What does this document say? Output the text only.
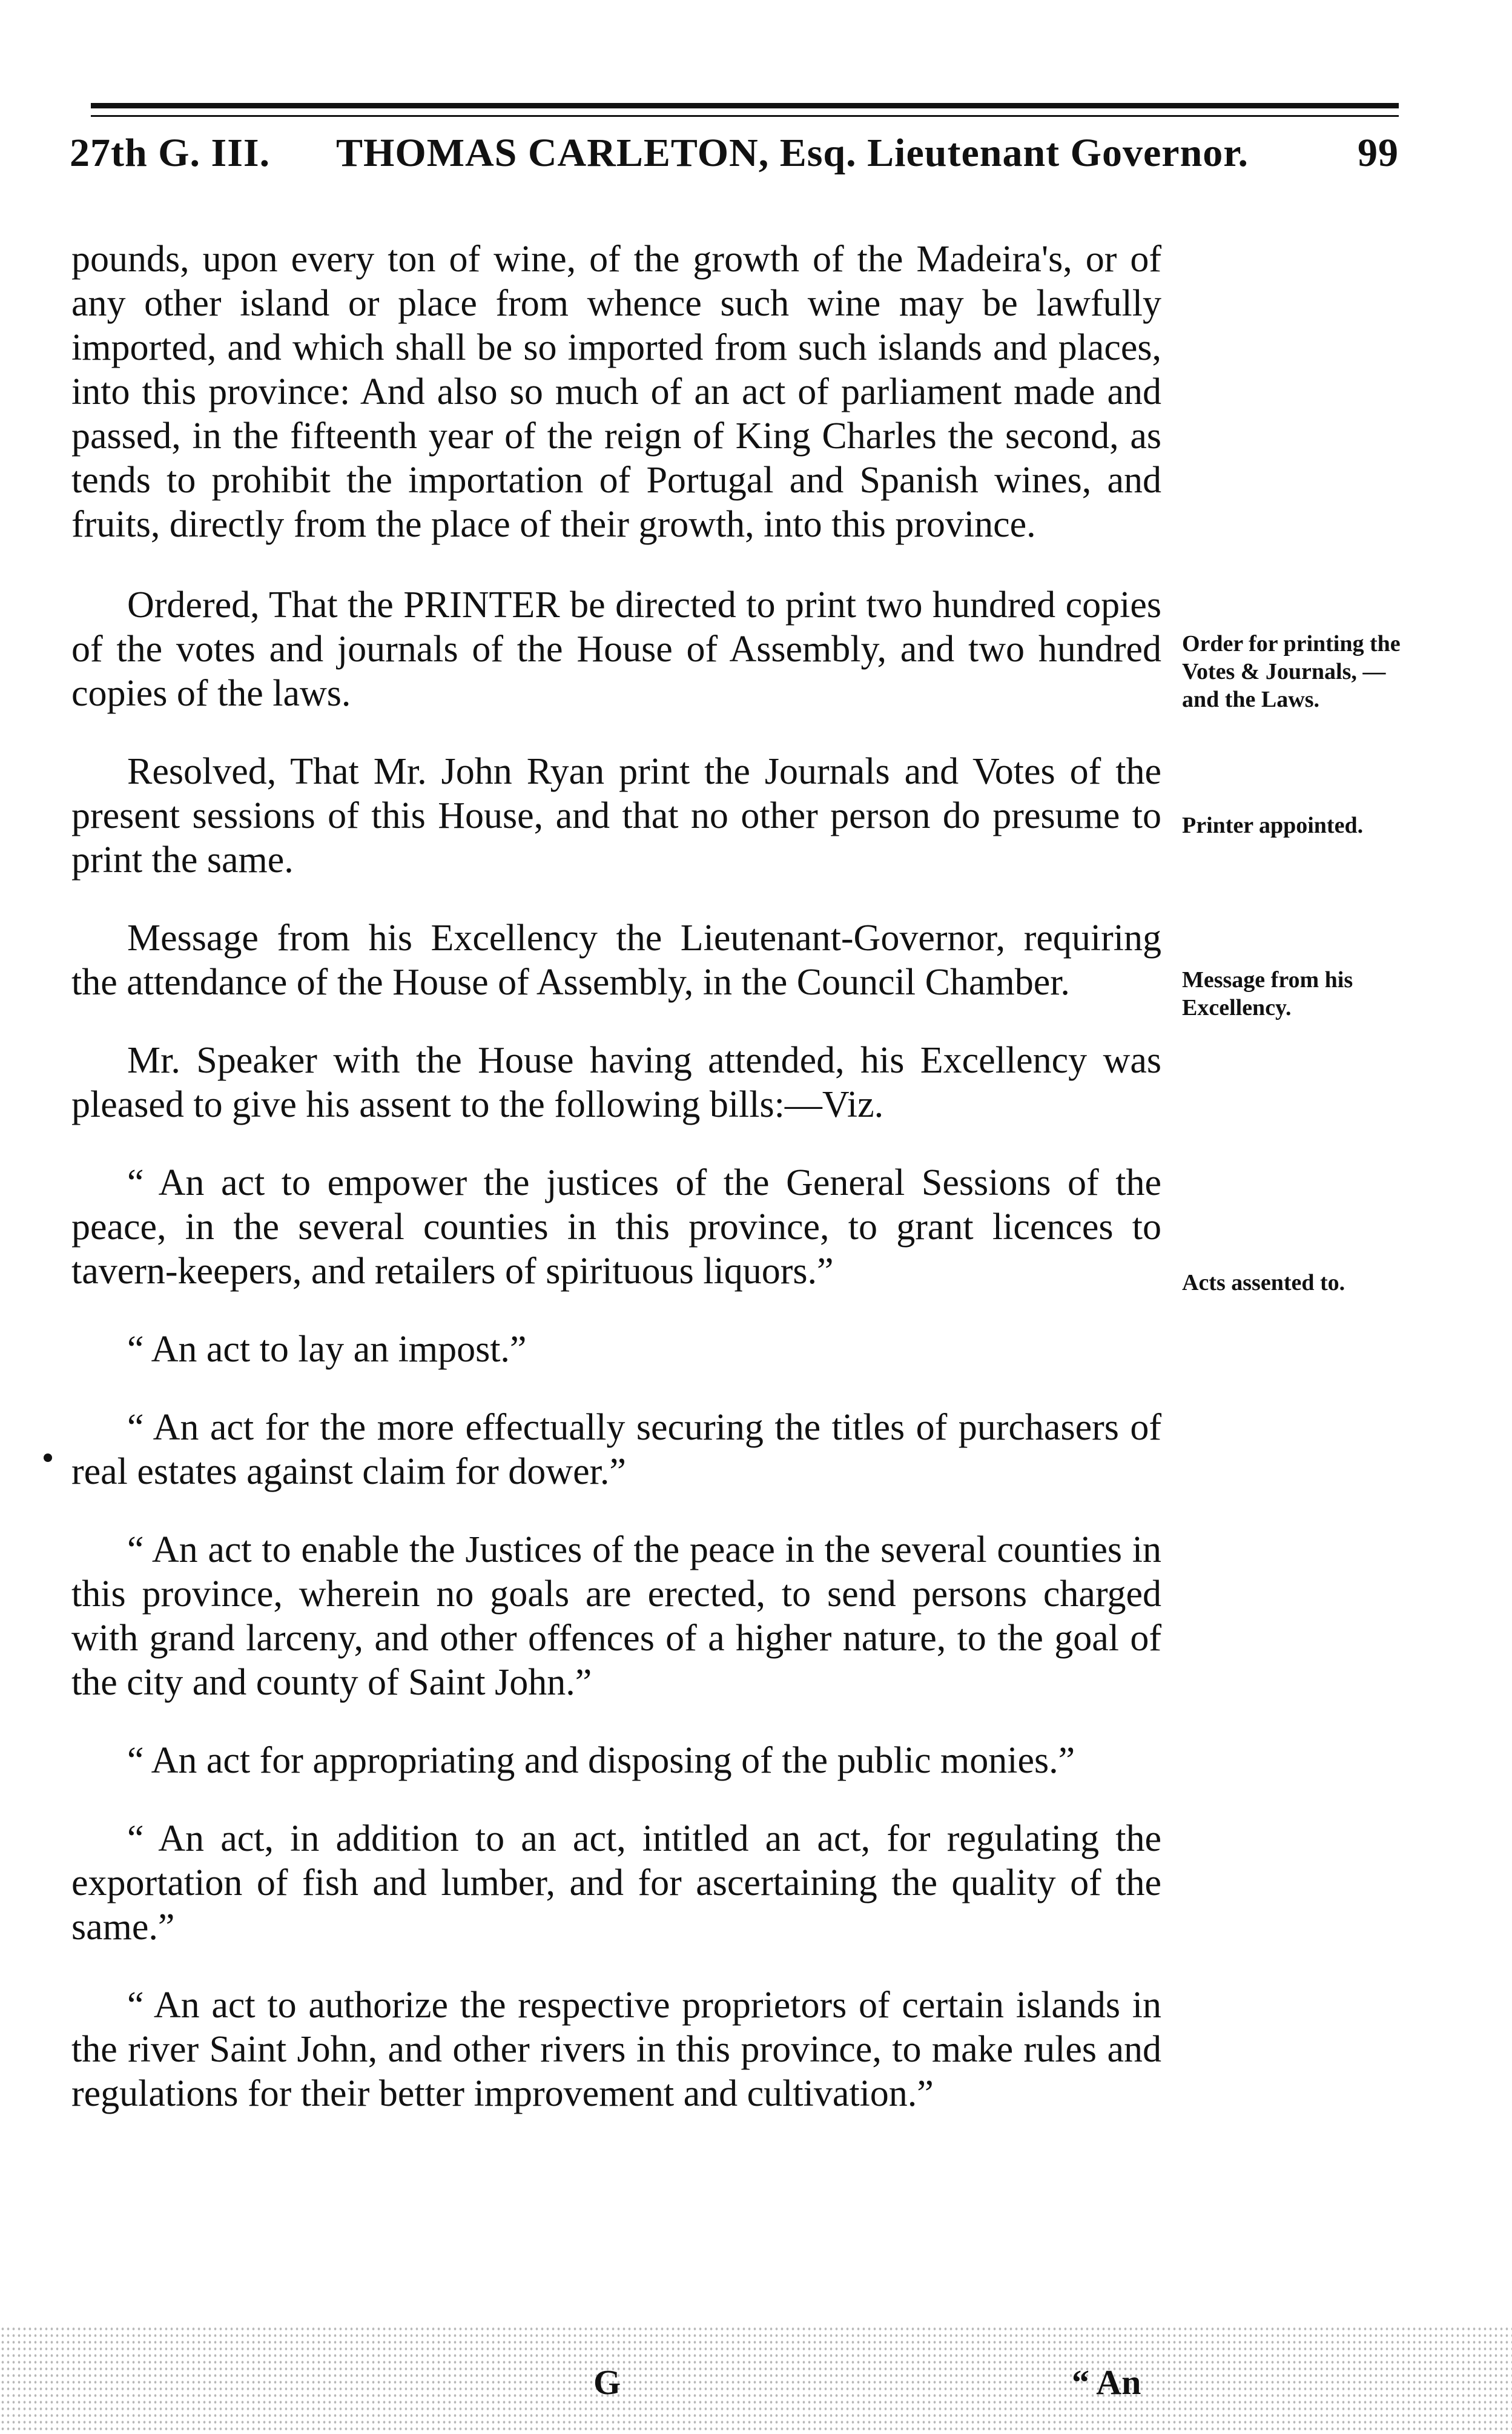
27th G. III. THOMAS CARLETON, Esq. Lieutenant Governor.	99

pounds, upon every ton of wine, of the growth of the Madeira's, or of any other island or place from whence such wine may be lawfully imported, and which shall be so imported from such islands and places, into this province: And also so much of an act of parliament made and passed, in the fifteenth year of the reign of King Charles the second, as tends to prohibit the importation of Portugal and Spanish wines, and fruits, directly from the place of their growth, into this province.

Ordered, That the PRINTER be directed to print two hundred copies of the votes and journals of the House of Assembly, and two hundred copies of the laws.

Resolved, That Mr. John Ryan print the Journals and Votes of the present sessions of this House, and that no other person do presume to print the same.

Message from his Excellency the Lieutenant-Governor, requiring the attendance of the House of Assembly, in the Council Chamber.

Mr. Speaker with the House having attended, his Excellency was pleased to give his assent to the following bills:—Viz.

“ An act to empower the justices of the General Sessions of the peace, in the several counties in this province, to grant licences to tavern-keepers, and retailers of spirituous liquors.”

“ An act to lay an impost.”

“ An act for the more effectually securing the titles of purchasers of real estates against claim for dower.”

“ An act to enable the Justices of the peace in the several counties in this province, wherein no goals are erected, to send persons charged with grand larceny, and other offences of a higher nature, to the goal of the city and county of Saint John.”

“ An act for appropriating and disposing of the public monies.”

“ An act, in addition to an act, intitled an act, for regulating the exportation of fish and lumber, and for ascertaining the quality of the same.”

“ An act to authorize the respective proprietors of certain islands in the river Saint John, and other rivers in this province, to make rules and regulations for their better improvement and cultivation.”

Order for printing the Votes & Journals, — and the Laws.
Printer appointed.
Message from his Excellency.
Acts assented to.
G	“ An
